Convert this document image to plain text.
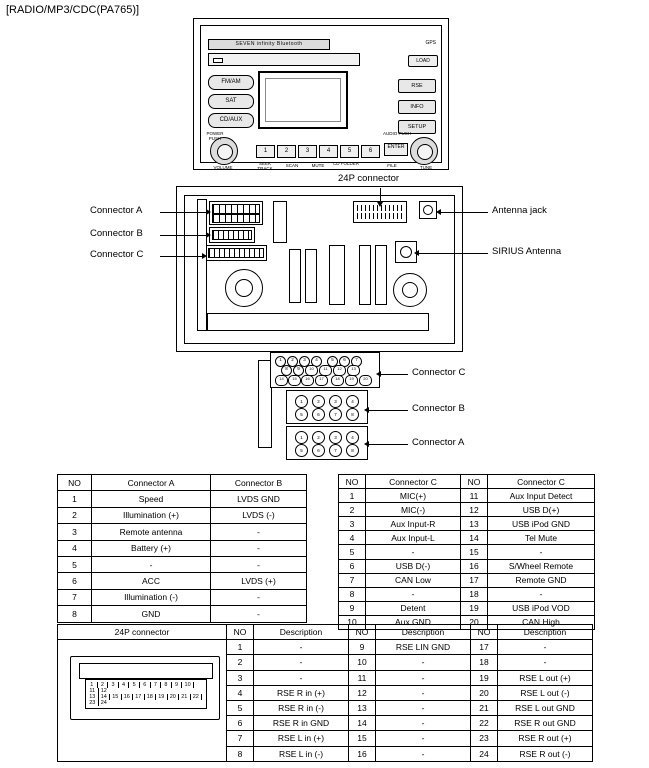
[RADIO/MP3/CDC(PA765)]
SEVEN infinity Bluetooth	GPS
LOAD
FM/AM
SAT
CD/AUX
RSE
INFO
SETUP
POWER PUSH
VOLUME	TUNE
AUDIO PUSH
1	2	3	4	5	6
ENTER
SEEK TRACK
SCAN	MUTE	CD FOLDER	FILE
Connector A
Connector B
Connector C
24P connector
Antenna jack
SIRIUS Antenna
1	2	3	4	5	6	7
8	9	10	11	12	13
14	15	16	17	18	19	20
1	2	3	4
5	6	7	8
1	2	3	4
5	6	7	8
Connector C
Connector B
Connector A
NO	Connector A	Connector B
1	Speed	LVDS GND
2	Illumination (+)	LVDS (-)
3	Remote antenna	-
4	Battery (+)	-
5	-	-
6	ACC	LVDS (+)
7	Illumination (-)	-
8	GND	-
NO	Connector C	NO	Connector C
1	MIC(+)	11	Aux Input Detect
2	MIC(-)	12	USB D(+)
3	Aux Input-R	13	USB iPod GND
4	Aux Input-L	14	Tel Mute
5	-	15	-
6	USB D(-)	16	S/Wheel Remote
7	CAN Low	17	Remote GND
8	-	18	-
9	Detent	19	USB iPod VOD
10	Aux GND	20	CAN High
24P connector	NO	Description	NO	Description	NO	Description
	1	-	9	RSE LIN GND	17	-
	2	-	10	-	18	-
	3	-	11	-	19	RSE L out (+)
	4	RSE R in (+)	12	-	20	RSE L out (-)
	5	RSE R in (-)	13	-	21	RSE L out GND
	6	RSE R in GND	14	-	22	RSE R out GND
	7	RSE L in (+)	15	-	23	RSE R out (+)
	8	RSE L in (-)	16	-	24	RSE R out (-)
1 2 3 4 5 6 7 8 9 1011 12
13 14 15 16 17 18 19 20 21 2223 24
